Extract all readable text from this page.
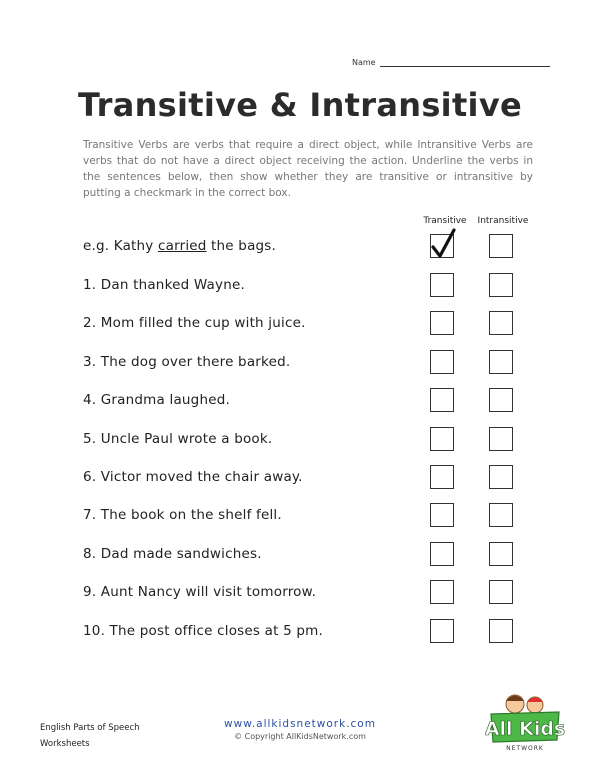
Name
Transitive & Intransitive

Transitive Verbs are verbs that require a direct object, while Intransitive Verbs are verbs that do not have a direct object receiving the action. Underline the verbs in the sentences below, then show whether they are transitive or intransitive by putting a checkmark in the correct box.

Transitive	Intransitive
e.g. Kathy carried the bags.
1. Dan thanked Wayne.
2. Mom filled the cup with juice.
3. The dog over there barked.
4. Grandma laughed.
5. Uncle Paul wrote a book.
6. Victor moved the chair away.
7. The book on the shelf fell.
8. Dad made sandwiches.
9. Aunt Nancy will visit tomorrow.
10. The post office closes at 5 pm.
English Parts of Speech
Worksheets
www.allkidsnetwork.com
© Copyright AllKidsNetwork.com	All Kids
NETWORK
